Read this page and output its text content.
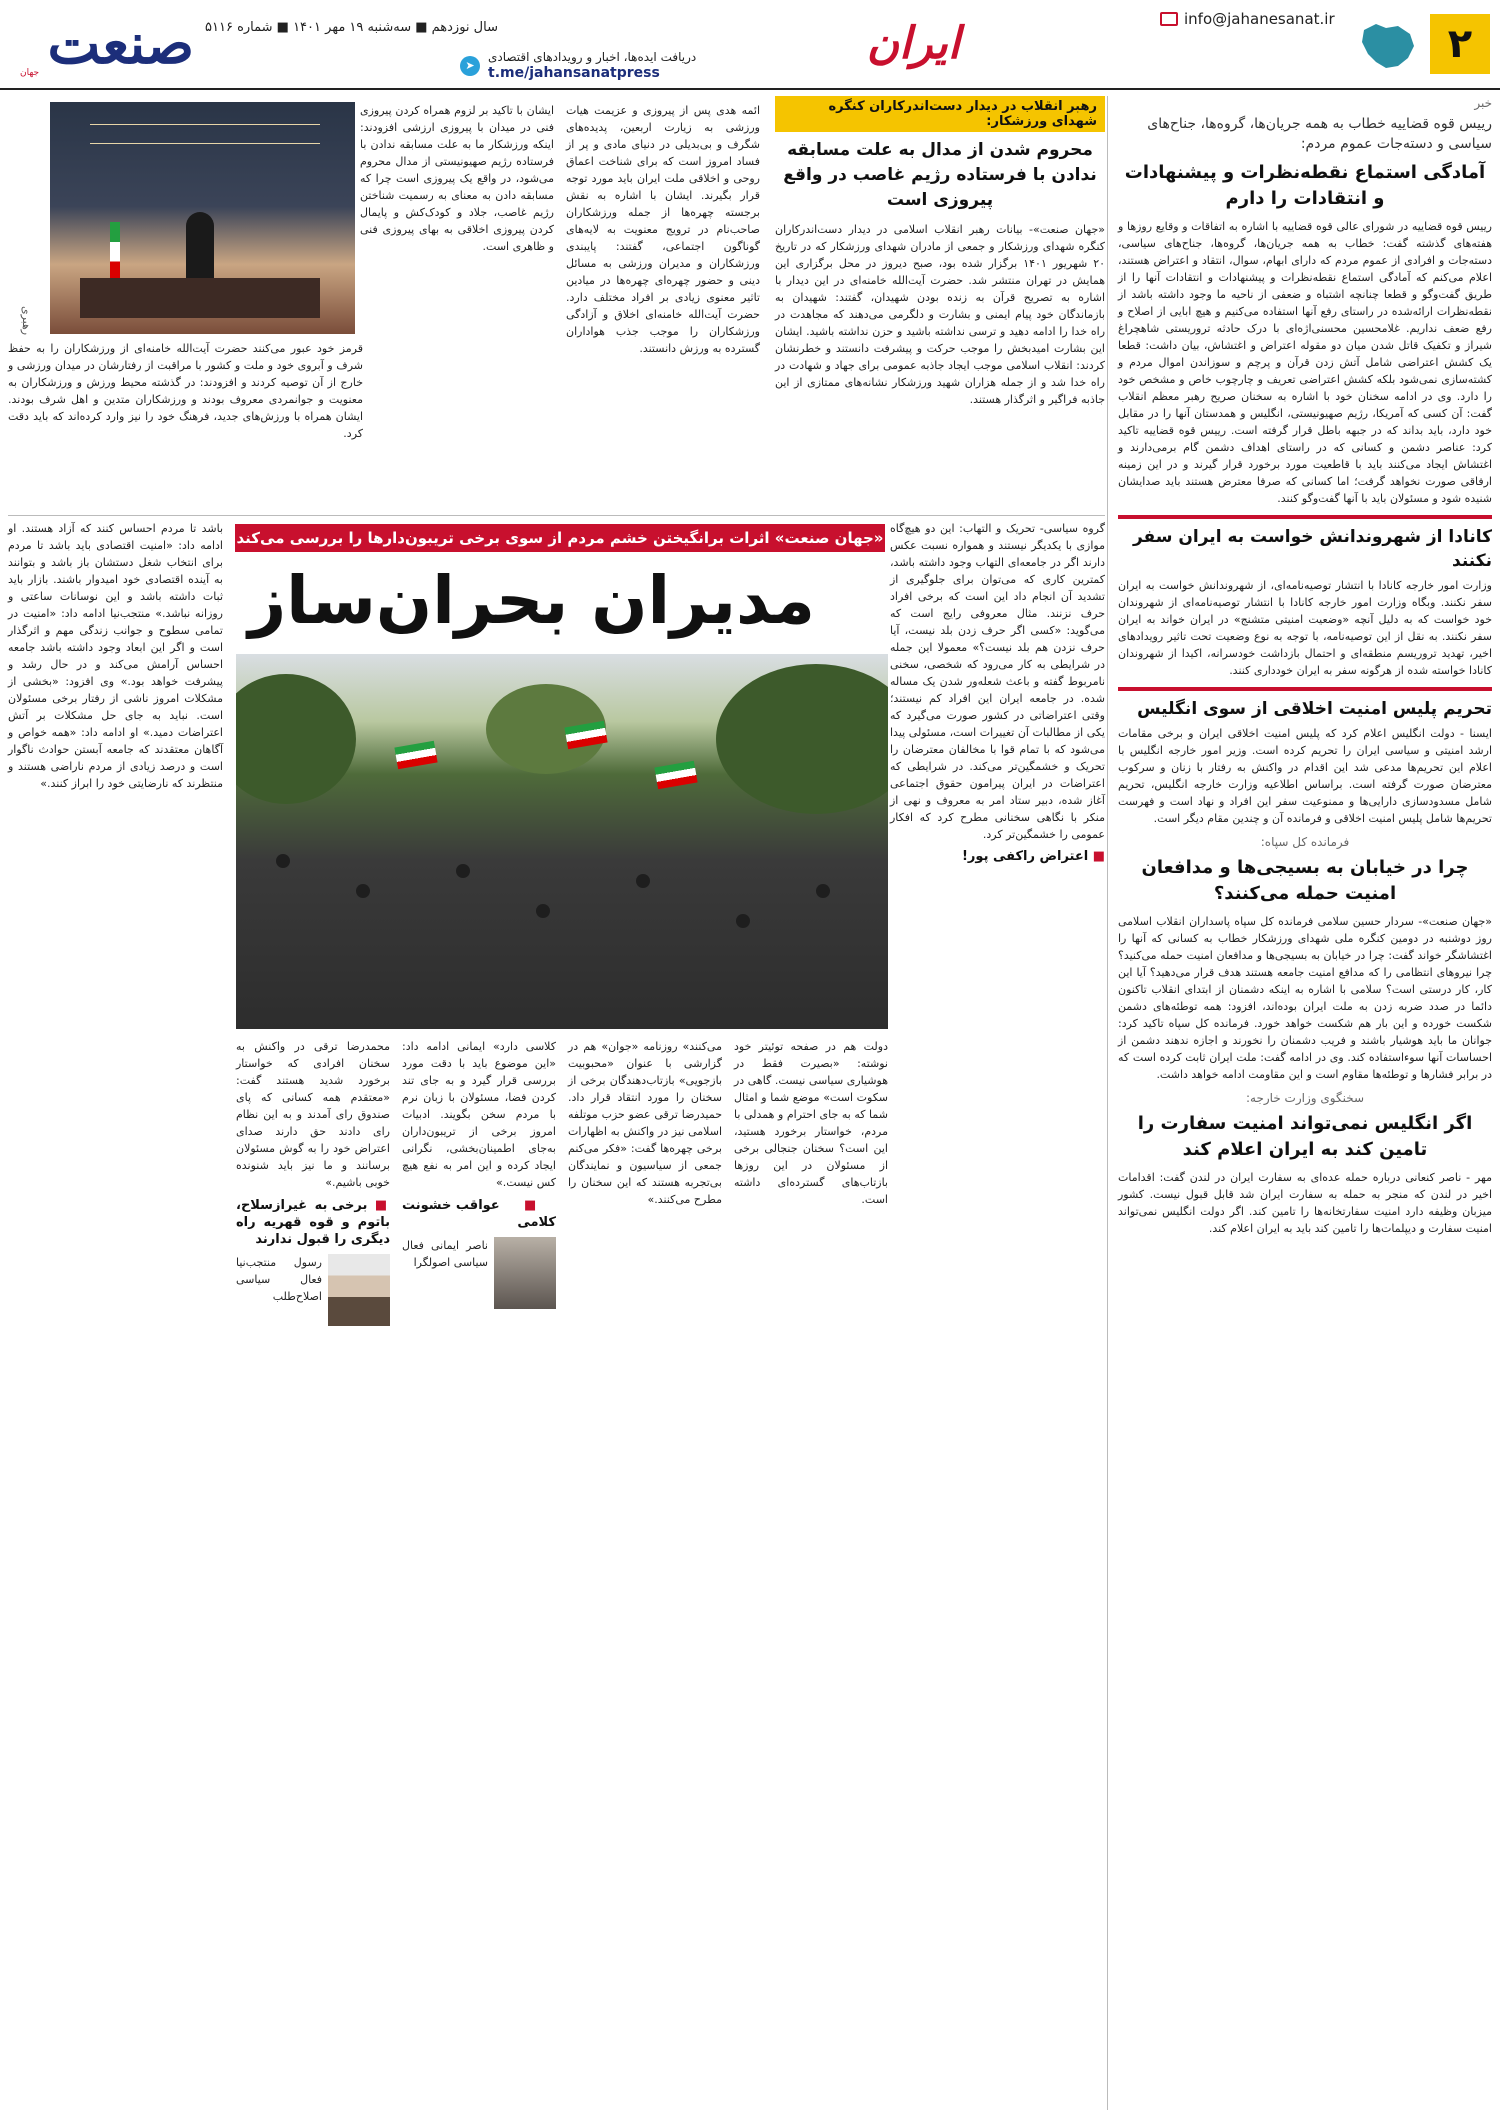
۲
ایران	info@jahanesanat.ir
صنعت
جهان
سال نوزدهم ■ سه‌شنبه ۱۹ مهر ۱۴۰۱ ■ شماره ۵۱۱۶
➤
دریافت ایده‌ها، اخبار و رویدادهای اقتصادی
t.me/jahansanatpress
خبر
رییس قوه قضاییه خطاب به همه جریان‌ها، گروه‌ها، جناح‌های سیاسی و دسته‌جات عموم مردم:
آمادگی استماع نقطه‌نظرات و پیشنهادات و انتقادات را دارم
رییس قوه قضاییه در شورای عالی قوه قضاییه با اشاره به اتفاقات و وقایع روزها و هفته‌های گذشته گفت: خطاب به همه جریان‌ها، گروه‌ها، جناح‌های سیاسی، دسته‌جات و افرادی از عموم مردم که دارای ابهام، سوال، انتقاد و اعتراض هستند، اعلام می‌کنم که آمادگی استماع نقطه‌نظرات و پیشنهادات و انتقادات آنها را از طریق گفت‌وگو و قطعا چنانچه اشتباه و ضعفی از ناحیه ما وجود داشته باشد از نقطه‌نظرات ارائه‌شده در راستای رفع آنها استفاده می‌کنیم و هیچ ابایی از اصلاح و رفع ضعف نداریم. غلامحسین محسنی‌اژه‌ای با درک حادثه تروریستی شاهچراغ شیراز و تکفیک قاتل شدن میان دو مقوله اعتراض و اغتشاش، بیان داشت: قطعا یک کشش اعتراضی شامل آتش زدن قرآن و پرچم و سوزاندن اموال مردم و کشته‌سازی نمی‌شود بلکه کشش اعتراضی تعریف و چارچوب خاص و مشخص خود را دارد. وی در ادامه سخنان خود با اشاره به سخنان صریح رهبر معظم انقلاب گفت: آن کسی که آمریکا، رژیم صهیونیستی، انگلیس و همدستان آنها را در مقابل خود دارد، باید بداند که در جبهه باطل قرار گرفته است. رییس قوه قضاییه تاکید کرد: عناصر دشمن و کسانی که در راستای اهداف دشمن گام برمی‌دارند و اغتشاش ایجاد می‌کنند باید با قاطعیت مورد برخورد قرار گیرند و در این زمینه ارفاقی صورت نخواهد گرفت؛ اما کسانی که صرفا معترض هستند باید صدایشان شنیده شود و مسئولان باید با آنها گفت‌وگو کنند.
کانادا از شهروندانش خواست به ایران سفر نکنند
وزارت امور خارجه کانادا با انتشار توصیه‌نامه‌ای، از شهروندانش خواست به ایران سفر نکنند. وبگاه وزارت امور خارجه کانادا با انتشار توصیه‌نامه‌ای از شهروندان خود خواست که به دلیل آنچه «وضعیت امنیتی متشنج» در ایران خواند به ایران سفر نکنند. به نقل از این توصیه‌نامه، با توجه به نوع وضعیت تحت تاثیر رویدادهای اخیر، تهدید تروریسم منطقه‌ای و احتمال بازداشت خودسرانه، اکیدا از شهروندان کانادا خواسته شده از هرگونه سفر به ایران خودداری کنند.
تحریم پلیس امنیت اخلاقی از سوی انگلیس
ایسنا - دولت انگلیس اعلام کرد که پلیس امنیت اخلاقی ایران و برخی مقامات ارشد امنیتی و سیاسی ایران را تحریم کرده است. وزیر امور خارجه انگلیس با اعلام این تحریم‌ها مدعی شد این اقدام در واکنش به رفتار با زنان و سرکوب معترضان صورت گرفته است. براساس اطلاعیه وزارت خارجه انگلیس، تحریم شامل مسدودسازی دارایی‌ها و ممنوعیت سفر این افراد و نهاد است و فهرست تحریم‌ها شامل پلیس امنیت اخلاقی و فرمانده آن و چندین مقام دیگر است.
فرمانده کل سپاه:
چرا در خیابان به بسیجی‌ها و مدافعان امنیت حمله می‌کنند؟
«جهان صنعت»- سردار حسین سلامی فرمانده کل سپاه پاسداران انقلاب اسلامی روز دوشنبه در دومین کنگره ملی شهدای ورزشکار خطاب به کسانی که آنها را اغتشاشگر خواند گفت: چرا در خیابان به بسیجی‌ها و مدافعان امنیت حمله می‌کنید؟ چرا نیروهای انتظامی را که مدافع امنیت جامعه هستند هدف قرار می‌دهید؟ آیا این کار، کار درستی است؟ سلامی با اشاره به اینکه دشمنان از ابتدای انقلاب تاکنون دائما در صدد ضربه زدن به ملت ایران بوده‌اند، افزود: همه توطئه‌های دشمن شکست خورده و این بار هم شکست خواهد خورد. فرمانده کل سپاه تاکید کرد: جوانان ما باید هوشیار باشند و فریب دشمنان را نخورند و اجازه ندهند دشمن از احساسات آنها سوءاستفاده کند. وی در ادامه گفت: ملت ایران ثابت کرده است که در برابر فشارها و توطئه‌ها مقاوم است و این مقاومت ادامه خواهد داشت.
سخنگوی وزارت خارجه:
اگر انگلیس نمی‌تواند امنیت سفارت را تامین کند به ایران اعلام کند
مهر - ناصر کنعانی درباره حمله عده‌ای به سفارت ایران در لندن گفت: اقدامات اخیر در لندن که منجر به حمله به سفارت ایران شد قابل قبول نیست. کشور میزبان وظیفه دارد امنیت سفارتخانه‌ها را تامین کند. اگر دولت انگلیس نمی‌تواند امنیت سفارت و دیپلمات‌ها را تامین کند باید به ایران اعلام کند.
رهبری
رهبر انقلاب در دیدار دست‌اندرکاران کنگره شهدای ورزشکار:
محروم شدن از مدال به علت مسابقه ندادن با فرستاده رژیم غاصب در واقع پیروزی است
«جهان صنعت»- بیانات رهبر انقلاب اسلامی در دیدار دست‌اندرکاران کنگره شهدای ورزشکار و جمعی از مادران شهدای ورزشکار که در تاریخ ۲۰ شهریور ۱۴۰۱ برگزار شده بود، صبح دیروز در محل برگزاری این همایش در تهران منتشر شد. حضرت آیت‌الله خامنه‌ای در این دیدار با اشاره به تصریح قرآن به زنده بودن شهیدان، گفتند: شهیدان به بازماندگان خود پیام ایمنی و بشارت و دلگرمی می‌دهند که مجاهدت در راه خدا را ادامه دهید و ترسی نداشته باشید و حزن نداشته باشید. ایشان این بشارت امیدبخش را موجب حرکت و پیشرفت دانستند و خطرنشان کردند: انقلاب اسلامی موجب ایجاد جاذبه عمومی برای جهاد و شهادت در راه خدا شد و از جمله هزاران شهید ورزشکار نشانه‌های ممتازی از این جاذبه فراگیر و اثرگذار هستند.
ائمه هدی پس از پیروزی و عزیمت هیات ورزشی به زیارت اربعین، پدیده‌های شگرف و بی‌بدیلی در دنیای مادی و پر از فساد امروز است که برای شناخت اعماق روحی و اخلاقی ملت ایران باید مورد توجه قرار بگیرند. ایشان با اشاره به نقش برجسته چهره‌ها از جمله ورزشکاران صاحب‌نام در ترویج معنویت به لایه‌های گوناگون اجتماعی، گفتند: پایبندی ورزشکاران و مدیران ورزشی به مسائل دینی و حضور چهره‌ای چهره‌ها در میادین تاثیر معنوی زیادی بر افراد مختلف دارد. حضرت آیت‌الله خامنه‌ای اخلاق و آزادگی ورزشکاران را موجب جذب هواداران گسترده به ورزش دانستند.
ایشان با تاکید بر لزوم همراه کردن پیروزی فنی در میدان با پیروزی ارزشی افزودند: اینکه ورزشکار ما به علت مسابقه ندادن با فرستاده رژیم صهیونیستی از مدال محروم می‌شود، در واقع یک پیروزی است چرا که مسابقه دادن به معنای به رسمیت شناختن رژیم غاصب، جلاد و کودک‌کش و پایمال کردن پیروزی اخلاقی به بهای پیروزی فنی و ظاهری است.
قرمز خود عبور می‌کنند حضرت آیت‌الله خامنه‌ای از ورزشکاران را به حفظ شرف و آبروی خود و ملت و کشور با مراقبت از رفتارشان در میدان ورزشی و خارج از آن توصیه کردند و افزودند: در گذشته محیط ورزش و ورزشکاران به معنویت و جوانمردی معروف بودند و ورزشکاران متدین و اهل شرف بودند. ایشان همراه با ورزش‌های جدید، فرهنگ خود را نیز وارد کرده‌اند که باید دقت کرد.
«جهان صنعت» اثرات برانگیختن خشم مردم از سوی برخی تریبون‌دارها را بررسی می‌کند
مدیران بحران‌ساز
گروه سیاسی- تحریک و التهاب: این دو هیچ‌گاه موازی با یکدیگر نیستند و همواره نسبت عکس دارند اگر در جامعه‌ای التهاب وجود داشته باشد، کمترین کاری که می‌توان برای جلوگیری از تشدید آن انجام داد این است که برخی افراد حرف نزنند. مثال معروفی رایج است که می‌گوید: «کسی اگر حرف زدن بلد نیست، آیا حرف نزدن هم بلد نیست؟» معمولا این جمله در شرایطی به کار می‌رود که شخصی، سخنی نامربوط گفته و باعث شعله‌ور شدن یک مساله شده. در جامعه ایران این افراد کم نیستند؛ وقتی اعتراضاتی در کشور صورت می‌گیرد که یکی از مطالبات آن تغییرات است، مسئولی پیدا می‌شود که با تمام قوا با مخالفان معترضان را تحریک و خشمگین‌تر می‌کند. در شرایطی که اعتراضات در ایران پیرامون حقوق اجتماعی آغاز شده، دبیر ستاد امر به معروف و نهی از منکر با نگاهی سخنانی مطرح کرد که افکار عمومی را خشمگین‌تر کرد.
■ اعتراض راکفی پور!
باشد تا مردم احساس کنند که آزاد هستند. او ادامه داد: «امنیت اقتصادی باید باشد تا مردم برای انتخاب شغل دستشان باز باشد و بتوانند به آینده اقتصادی خود امیدوار باشند. بازار باید ثبات داشته باشد و این نوسانات ساعتی و روزانه نباشد.» منتجب‌نیا ادامه داد: «امنیت در تمامی سطوح و جوانب زندگی مهم و اثرگذار است و اگر این ابعاد وجود داشته باشد جامعه احساس آرامش می‌کند و در حال رشد و پیشرفت خواهد بود.» وی افزود: «بخشی از مشکلات امروز ناشی از رفتار برخی مسئولان است. نباید به جای حل مشکلات بر آتش اعتراضات دمید.» او ادامه داد: «همه خواص و آگاهان معتقدند که جامعه آبستن حوادث ناگوار است و درصد زیادی از مردم ناراضی هستند و منتظرند که نارضایتی خود را ابراز کنند.»
دولت هم در صفحه توئیتر خود نوشته: «بصیرت فقط در هوشیاری سیاسی نیست. گاهی در سکوت است» موضع شما و امثال شما که به جای احترام و همدلی با مردم، خواستار برخورد هستید، این است؟ سخنان جنجالی برخی از مسئولان در این روزها بازتاب‌های گسترده‌ای داشته است.
می‌کنند» روزنامه «جوان» هم در گزارشی با عنوان «محبوبیت بازجویی» بازتاب‌دهندگان برخی از سخنان را مورد انتقاد قرار داد. حمیدرضا ترقی عضو حزب موتلفه اسلامی نیز در واکنش به اظهارات برخی چهره‌ها گفت: «فکر می‌کنم جمعی از سیاسیون و نمایندگان بی‌تجربه هستند که این سخنان را مطرح می‌کنند.»
کلاسی دارد» ایمانی ادامه داد: «این موضوع باید با دقت مورد بررسی قرار گیرد و به جای تند کردن فضا، مسئولان با زبان نرم با مردم سخن بگویند. ادبیات امروز برخی از تریبون‌داران به‌جای اطمینان‌بخشی، نگرانی ایجاد کرده و این امر به نفع هیچ کس نیست.»
■ عواقب خشونت کلامی
ناصر ایمانی فعال سیاسی اصولگرا
محمدرضا ترقی در واکنش به سخنان افرادی که خواستار برخورد شدید هستند گفت: «معتقدم همه کسانی که پای صندوق رای آمدند و به این نظام رای دادند حق دارند صدای اعتراض خود را به گوش مسئولان برسانند و ما نیز باید شنونده خوبی باشیم.»
■ برخی به غیرازسلاح، باتوم و قوه قهریه راه دیگری را قبول ندارند
رسول منتجب‌نیا فعال سیاسی اصلاح‌طلب
